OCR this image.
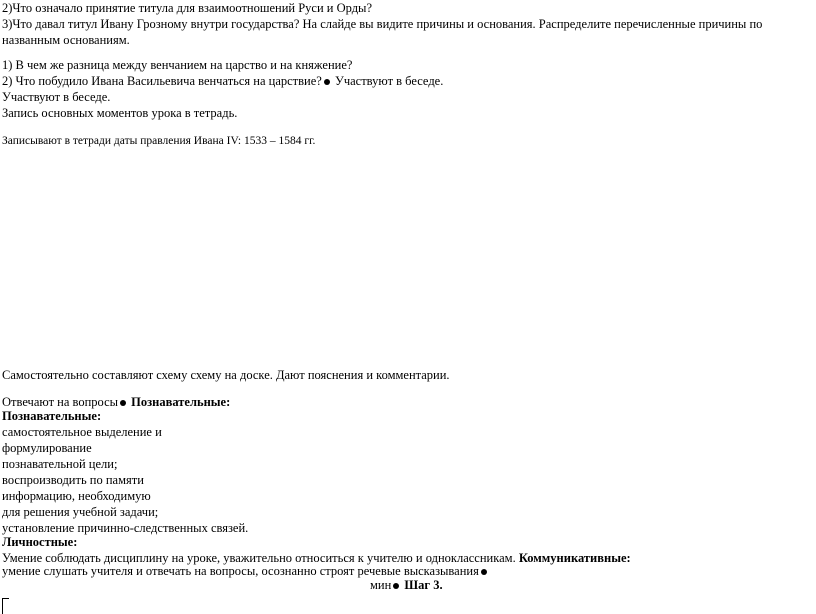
2)Что означало принятие титула для взаимоотношений Руси и Орды?
3)Что давал титул Ивану Грозному внутри государства? На слайде вы видите причины и основания. Распределите перечисленные причины по названным основаниям.
1) В чем же разница между венчанием на царство и на княжение?
2) Что побудило Ивана Васильевича венчаться на царствие? Участвуют в беседе.
Участвуют в беседе.
Запись основных моментов урока в тетрадь.
Записывают в тетради даты правления Ивана IV: 1533 – 1584 гг.
Самостоятельно составляют схему схему на доске. Дают пояснения и комментарии.
Отвечают на вопросы Познавательные:
Познавательные:
самостоятельное выделение и
формулирование
познавательной цели;
воспроизводить по памяти
информацию, необходимую
для решения учебной задачи;
установление причинно-следственных связей.
Личностные:
Умение соблюдать дисциплину на уроке, уважительно относиться к учителю и одноклассникам. Коммуникативные:
умение слушать учителя и отвечать на вопросы, осознанно строят речевые высказывания
мин Шаг 3.
